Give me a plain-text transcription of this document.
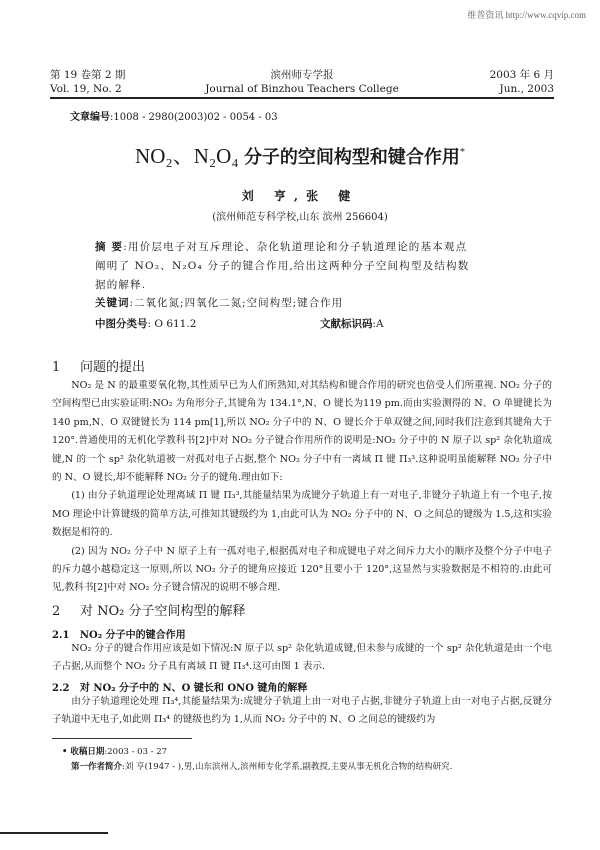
维普资讯 http://www.cqvip.com
第 19 卷第 2 期
Vol. 19, No. 2
滨州师专学报
Journal of Binzhou Teachers College
2003 年 6 月
Jun., 2003
文章编号:1008 - 2980(2003)02 - 0054 - 03
NO₂、N₂O₄ 分子的空间构型和键合作用*
刘 亨,张 健
(滨州师范专科学校,山东 滨州 256604)
摘 要:用价层电子对互斥理论、杂化轨道理论和分子轨道理论的基本观点阐明了 NO₂、N₂O₄ 分子的键合作用,给出这两种分子空间构型及结构数据的解释.
关键词:二氧化氮;四氧化二氮;空间构型;键合作用
中图分类号: O 611.2	文献标识码:A
1 问题的提出

NO₂ 是 N 的最重要氧化物,其性质早已为人们所熟知,对其结构和键合作用的研究也倍受人们所重视. NO₂ 分子的空间构型已由实验证明:NO₂ 为角形分子,其键角为 134.1°,N、O 键长为119 pm.而由实验测得的 N、O 单键键长为 140 pm,N、O 双键键长为 114 pm[1],所以 NO₂ 分子中的 N、O 键长介于单双键之间,同时我们注意到其键角大于 120°.普通使用的无机化学教科书[2]中对 NO₂ 分子键合作用所作的说明是:NO₂ 分子中的 N 原子以 sp² 杂化轨道成键,N 的一个 sp² 杂化轨道被一对孤对电子占据,整个 NO₂ 分子中有一离域 Π 键 Π₃³.这种说明虽能解释 NO₂ 分子中的 N、O 键长,却不能解释 NO₂ 分子的键角.理由如下:

(1) 由分子轨道理论处理离域 Π 键 Π₃³,其能量结果为成键分子轨道上有一对电子,非键分子轨道上有一个电子,按 MO 理论中计算键级的简单方法,可推知其键级约为 1,由此可认为 NO₂ 分子中的 N、O 之间总的键级为 1.5,这和实验数据是相符的.

(2) 因为 NO₂ 分子中 N 原子上有一孤对电子,根据孤对电子和成键电子对之间斥力大小的顺序及整个分子中电子的斥力越小越稳定这一原则,所以 NO₂ 分子的键角应接近 120°且要小于 120°,这显然与实验数据是不相符的.由此可见,教科书[2]中对 NO₂ 分子键合情况的说明不够合理.

2 对 NO₂ 分子空间构型的解释
2.1 NO₂ 分子中的键合作用

NO₂ 分子的键合作用应该是如下情况:N 原子以 sp² 杂化轨道成键,但未参与成键的一个 sp² 杂化轨道是由一个电子占据,从而整个 NO₂ 分子具有离域 Π 键 Π₃⁴.这可由图 1 表示.

2.2 对 NO₂ 分子中的 N、O 键长和 ONO 键角的解释

由分子轨道理论处理 Π₃⁴,其能量结果为:成键分子轨道上由一对电子占据,非键分子轨道上由一对电子占据,反键分子轨道中无电子,如此则 Π₃⁴ 的键级也约为 1,从而 NO₂ 分子中的 N、O 之间总的键级约为

• 收稿日期:2003 - 03 - 27
第一作者简介:刘 亨(1947 - ),男,山东滨州人,滨州师专化学系,副教授,主要从事无机化合物的结构研究.
